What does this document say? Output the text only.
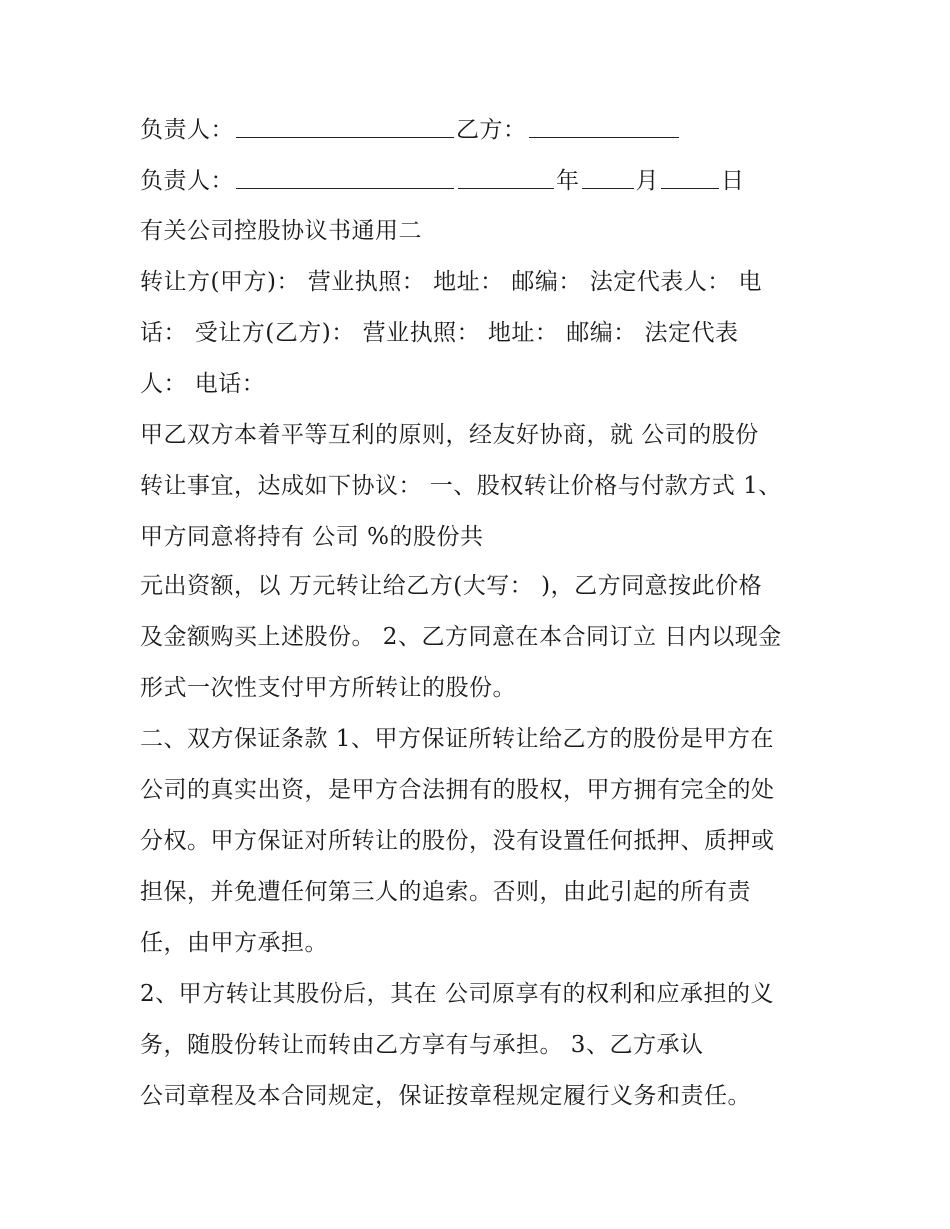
负责人：	乙方：
负责人：	年 月	日
有关公司控股协议书通用二
转让方(甲方)： 营业执照： 地址： 邮编： 法定代表人： 电
话： 受让方(乙方)： 营业执照： 地址： 邮编： 法定代表
人： 电话：
甲乙双方本着平等互利的原则，经友好协商，就 公司的股份
转让事宜，达成如下协议： 一、股权转让价格与付款方式 1、
甲方同意将持有 公司 %的股份共
元出资额，以 万元转让给乙方(大写： )，乙方同意按此价格
及金额购买上述股份。 2、乙方同意在本合同订立 日内以现金
形式一次性支付甲方所转让的股份。
二、双方保证条款 1、甲方保证所转让给乙方的股份是甲方在
公司的真实出资，是甲方合法拥有的股权，甲方拥有完全的处
分权。甲方保证对所转让的股份，没有设置任何抵押、质押或
担保，并免遭任何第三人的追索。否则，由此引起的所有责
任，由甲方承担。
2、甲方转让其股份后，其在 公司原享有的权利和应承担的义
务，随股份转让而转由乙方享有与承担。 3、乙方承认
公司章程及本合同规定，保证按章程规定履行义务和责任。
